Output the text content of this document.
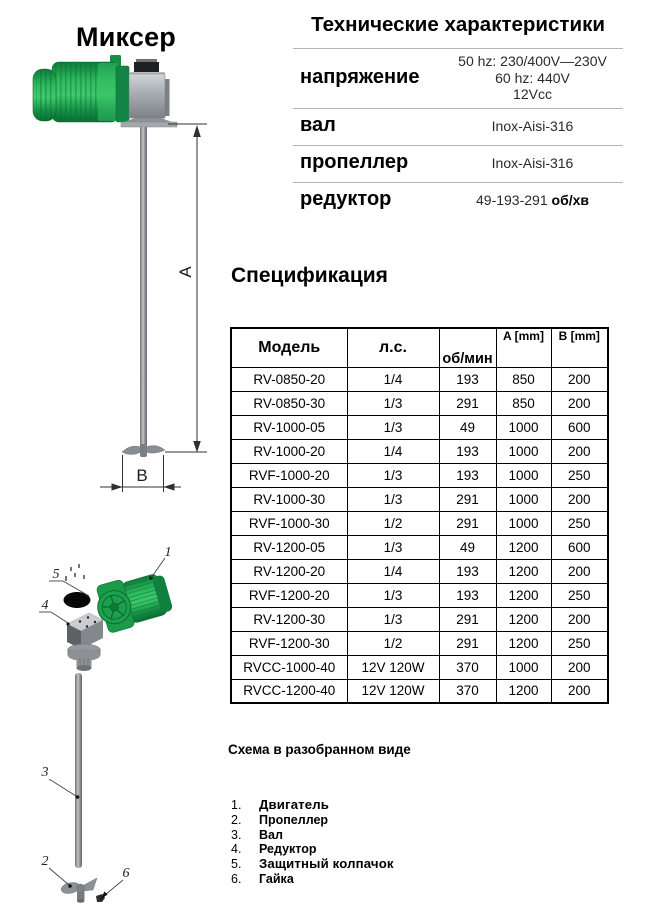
Миксер
A
B
Технические характеристики
напряжение
50 hz: 230/400V—230V
60 hz: 440V
12Vcc
вал	Inox-Aisi-316
пропеллер	Inox-Aisi-316
редуктор	49-193-291 об/хв
Спецификация
Модель	л.с.	об/мин	A [mm]	B [mm]
RV-0850-20	1/4	193	850	200
RV-0850-30	1/3	291	850	200
RV-1000-05	1/3	49	1000	600
RV-1000-20	1/4	193	1000	200
RVF-1000-20	1/3	193	1000	250
RV-1000-30	1/3	291	1000	200
RVF-1000-30	1/2	291	1000	250
RV-1200-05	1/3	49	1200	600
RV-1200-20	1/4	193	1200	200
RVF-1200-20	1/3	193	1200	250
RV-1200-30	1/3	291	1200	200
RVF-1200-30	1/2	291	1200	250
RVCC-1000-40	12V 120W	370	1000	200
RVCC-1200-40	12V 120W	370	1200	200
1
5
4
3
2
6
Схема в разобранном виде
1.	Двигатель
2.	Пропеллер
3.	Вал
4.	Редуктор
5.	Защитный колпачок
6.	Гайка
